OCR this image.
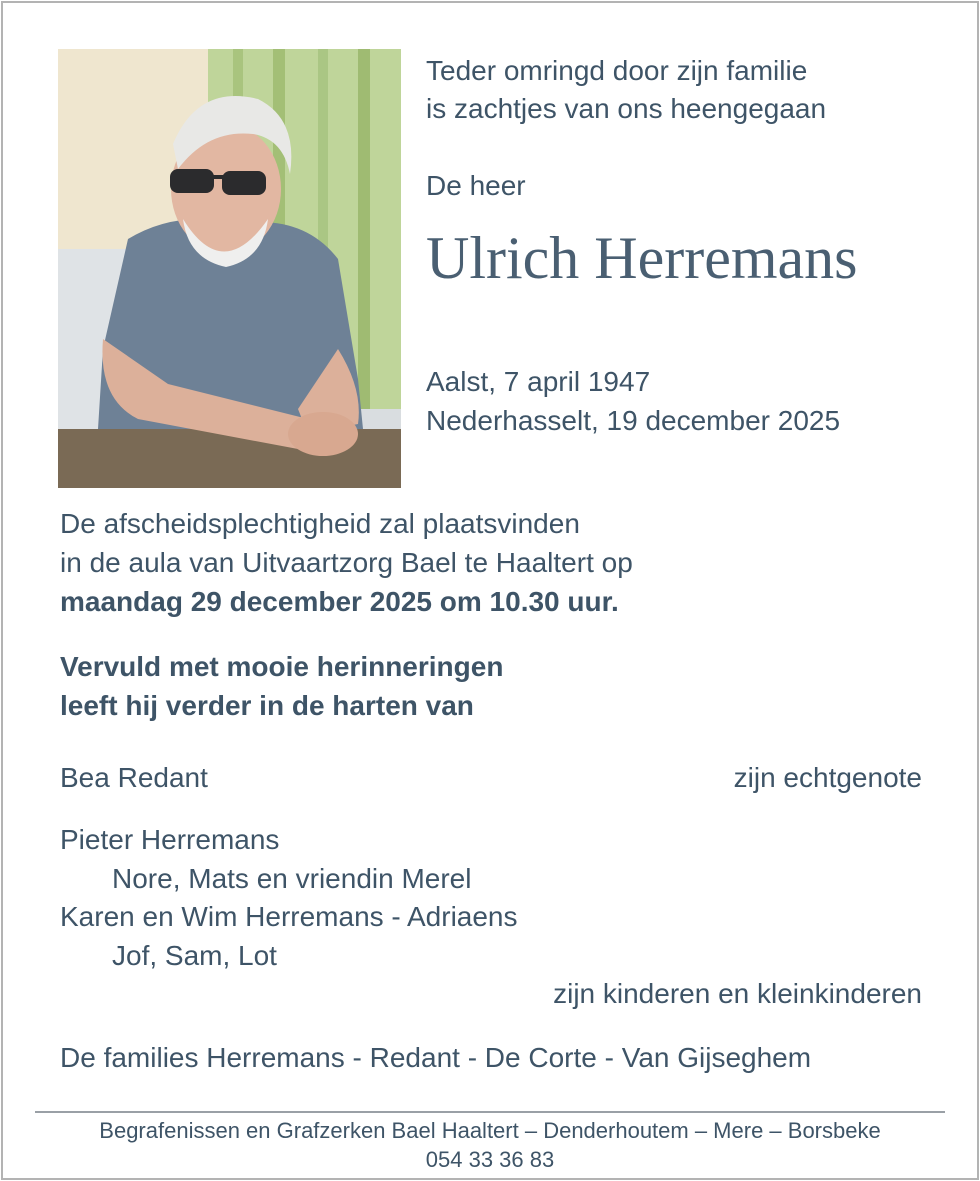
Teder omringd door zijn familie
is zachtjes van ons heengegaan
De heer
Ulrich Herremans
Aalst, 7 april 1947
Nederhasselt, 19 december 2025
De afscheidsplechtigheid zal plaatsvinden
in de aula van Uitvaartzorg Bael te Haaltert op
maandag 29 december 2025 om 10.30 uur.
Vervuld met mooie herinneringen
leeft hij verder in de harten van
Bea Redant	zijn echtgenote
Pieter Herremans
Nore, Mats en vriendin Merel
Karen en Wim Herremans - Adriaens
Jof, Sam, Lot
zijn kinderen en kleinkinderen
De families Herremans - Redant - De Corte - Van Gijseghem
Begrafenissen en Grafzerken Bael Haaltert – Denderhoutem – Mere – Borsbeke
054 33 36 83
